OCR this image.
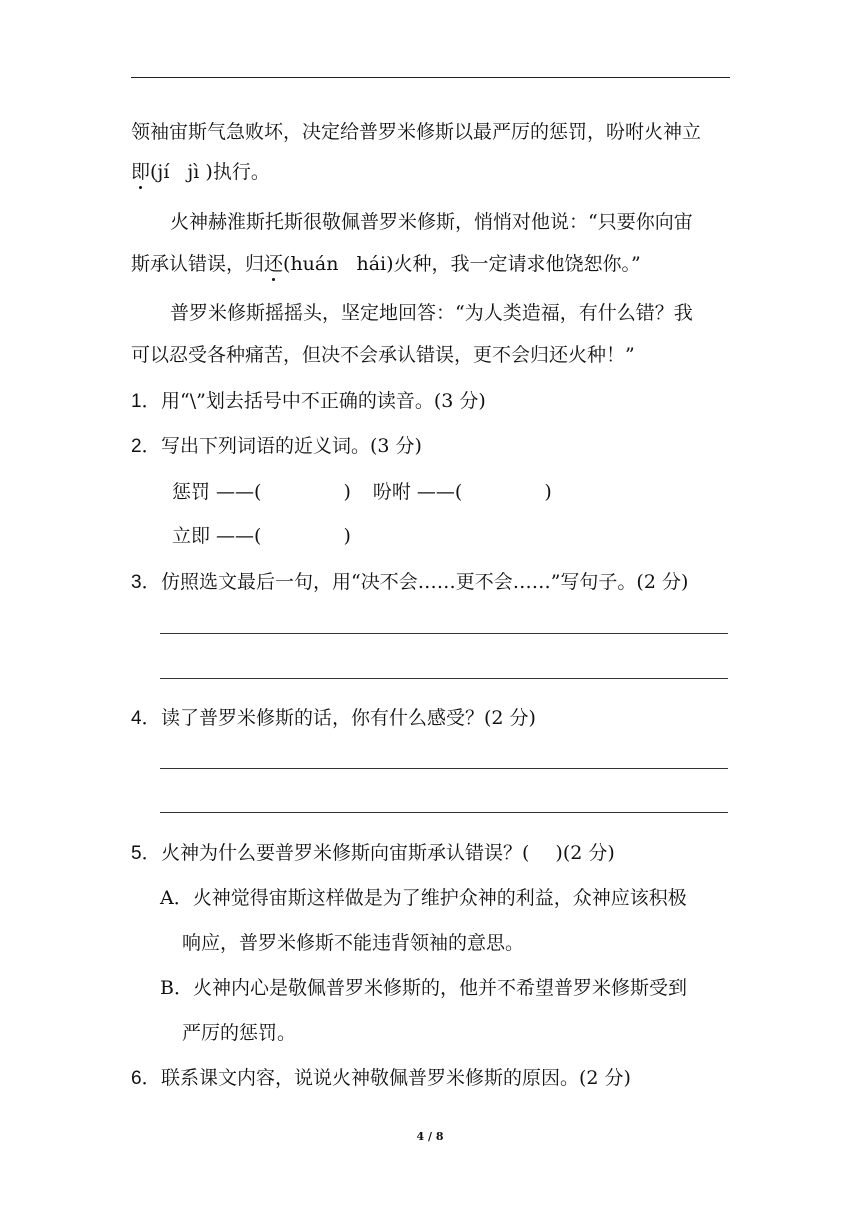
领袖宙斯气急败坏，决定给普罗米修斯以最严厉的惩罚，吩咐火神立
即(jí jì )执行。
火神赫淮斯托斯很敬佩普罗米修斯，悄悄对他说：“只要你向宙
斯承认错误，归还(huán hái)火种，我一定请求他饶恕你。”
普罗米修斯摇摇头，坚定地回答：“为人类造福，有什么错？我
可以忍受各种痛苦，但决不会承认错误，更不会归还火种！”
1．用“\”划去括号中不正确的读音。(3 分)
2．写出下列词语的近义词。(3 分)
惩罚 ——(	) 吩咐 ——(	)
立即 ——(	)
3．仿照选文最后一句，用“决不会……更不会……”写句子。(2 分)
4．读了普罗米修斯的话，你有什么感受？(2 分)
5．火神为什么要普罗米修斯向宙斯承认错误？( )(2 分)
A．火神觉得宙斯这样做是为了维护众神的利益，众神应该积极
响应，普罗米修斯不能违背领袖的意思。
B．火神内心是敬佩普罗米修斯的，他并不希望普罗米修斯受到
严厉的惩罚。
6．联系课文内容，说说火神敬佩普罗米修斯的原因。(2 分)
4 / 8
